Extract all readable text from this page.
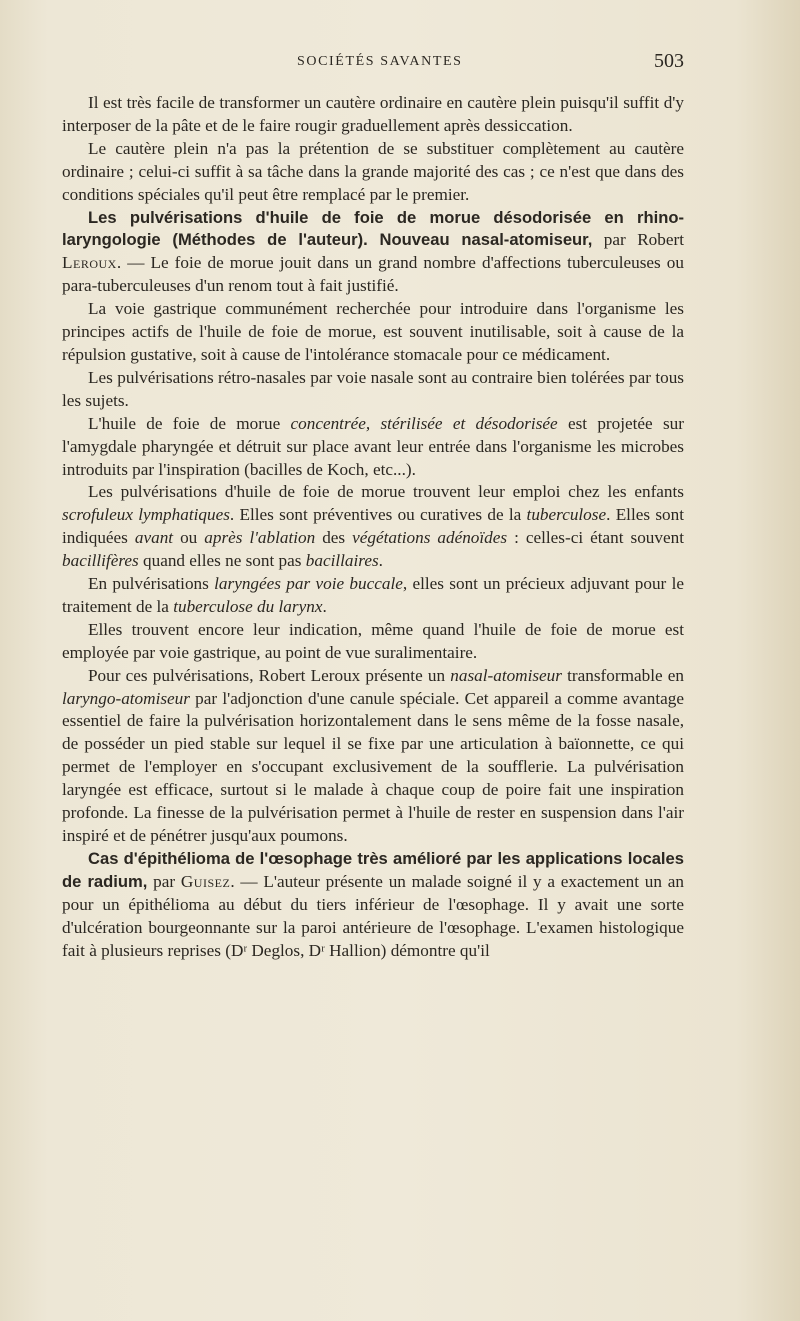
SOCIÉTÉS SAVANTES	503

Il est très facile de transformer un cautère ordinaire en cautère plein puisqu'il suffit d'y interposer de la pâte et de le faire rougir graduellement après dessiccation.

Le cautère plein n'a pas la prétention de se substituer complètement au cautère ordinaire ; celui-ci suffit à sa tâche dans la grande majorité des cas ; ce n'est que dans des conditions spéciales qu'il peut être remplacé par le premier.

Les pulvérisations d'huile de foie de morue désodorisée en rhino-laryngologie (Méthodes de l'auteur). Nouveau nasal-atomiseur, par Robert Leroux. — Le foie de morue jouit dans un grand nombre d'affections tuberculeuses ou para-tuberculeuses d'un renom tout à fait justifié.

La voie gastrique communément recherchée pour introduire dans l'organisme les principes actifs de l'huile de foie de morue, est souvent inutilisable, soit à cause de la répulsion gustative, soit à cause de l'intolérance stomacale pour ce médicament.

Les pulvérisations rétro-nasales par voie nasale sont au contraire bien tolérées par tous les sujets.

L'huile de foie de morue concentrée, stérilisée et désodorisée est projetée sur l'amygdale pharyngée et détruit sur place avant leur entrée dans l'organisme les microbes introduits par l'inspiration (bacilles de Koch, etc...).

Les pulvérisations d'huile de foie de morue trouvent leur emploi chez les enfants scrofuleux lymphatiques. Elles sont préventives ou curatives de la tuberculose. Elles sont indiquées avant ou après l'ablation des végétations adénoïdes : celles-ci étant souvent bacillifères quand elles ne sont pas bacillaires.

En pulvérisations laryngées par voie buccale, elles sont un précieux adjuvant pour le traitement de la tuberculose du larynx.

Elles trouvent encore leur indication, même quand l'huile de foie de morue est employée par voie gastrique, au point de vue suralimentaire.

Pour ces pulvérisations, Robert Leroux présente un nasal-atomiseur transformable en laryngo-atomiseur par l'adjonction d'une canule spéciale. Cet appareil a comme avantage essentiel de faire la pulvérisation horizontalement dans le sens même de la fosse nasale, de posséder un pied stable sur lequel il se fixe par une articulation à baïonnette, ce qui permet de l'employer en s'occupant exclusivement de la soufflerie. La pulvérisation laryngée est efficace, surtout si le malade à chaque coup de poire fait une inspiration profonde. La finesse de la pulvérisation permet à l'huile de rester en suspension dans l'air inspiré et de pénétrer jusqu'aux poumons.

Cas d'épithélioma de l'œsophage très amélioré par les applications locales de radium, par Guisez. — L'auteur présente un malade soigné il y a exactement un an pour un épithélioma au début du tiers inférieur de l'œsophage. Il y avait une sorte d'ulcération bourgeonnante sur la paroi antérieure de l'œsophage. L'examen histologique fait à plusieurs reprises (Dʳ Deglos, Dʳ Hallion) démontre qu'il
